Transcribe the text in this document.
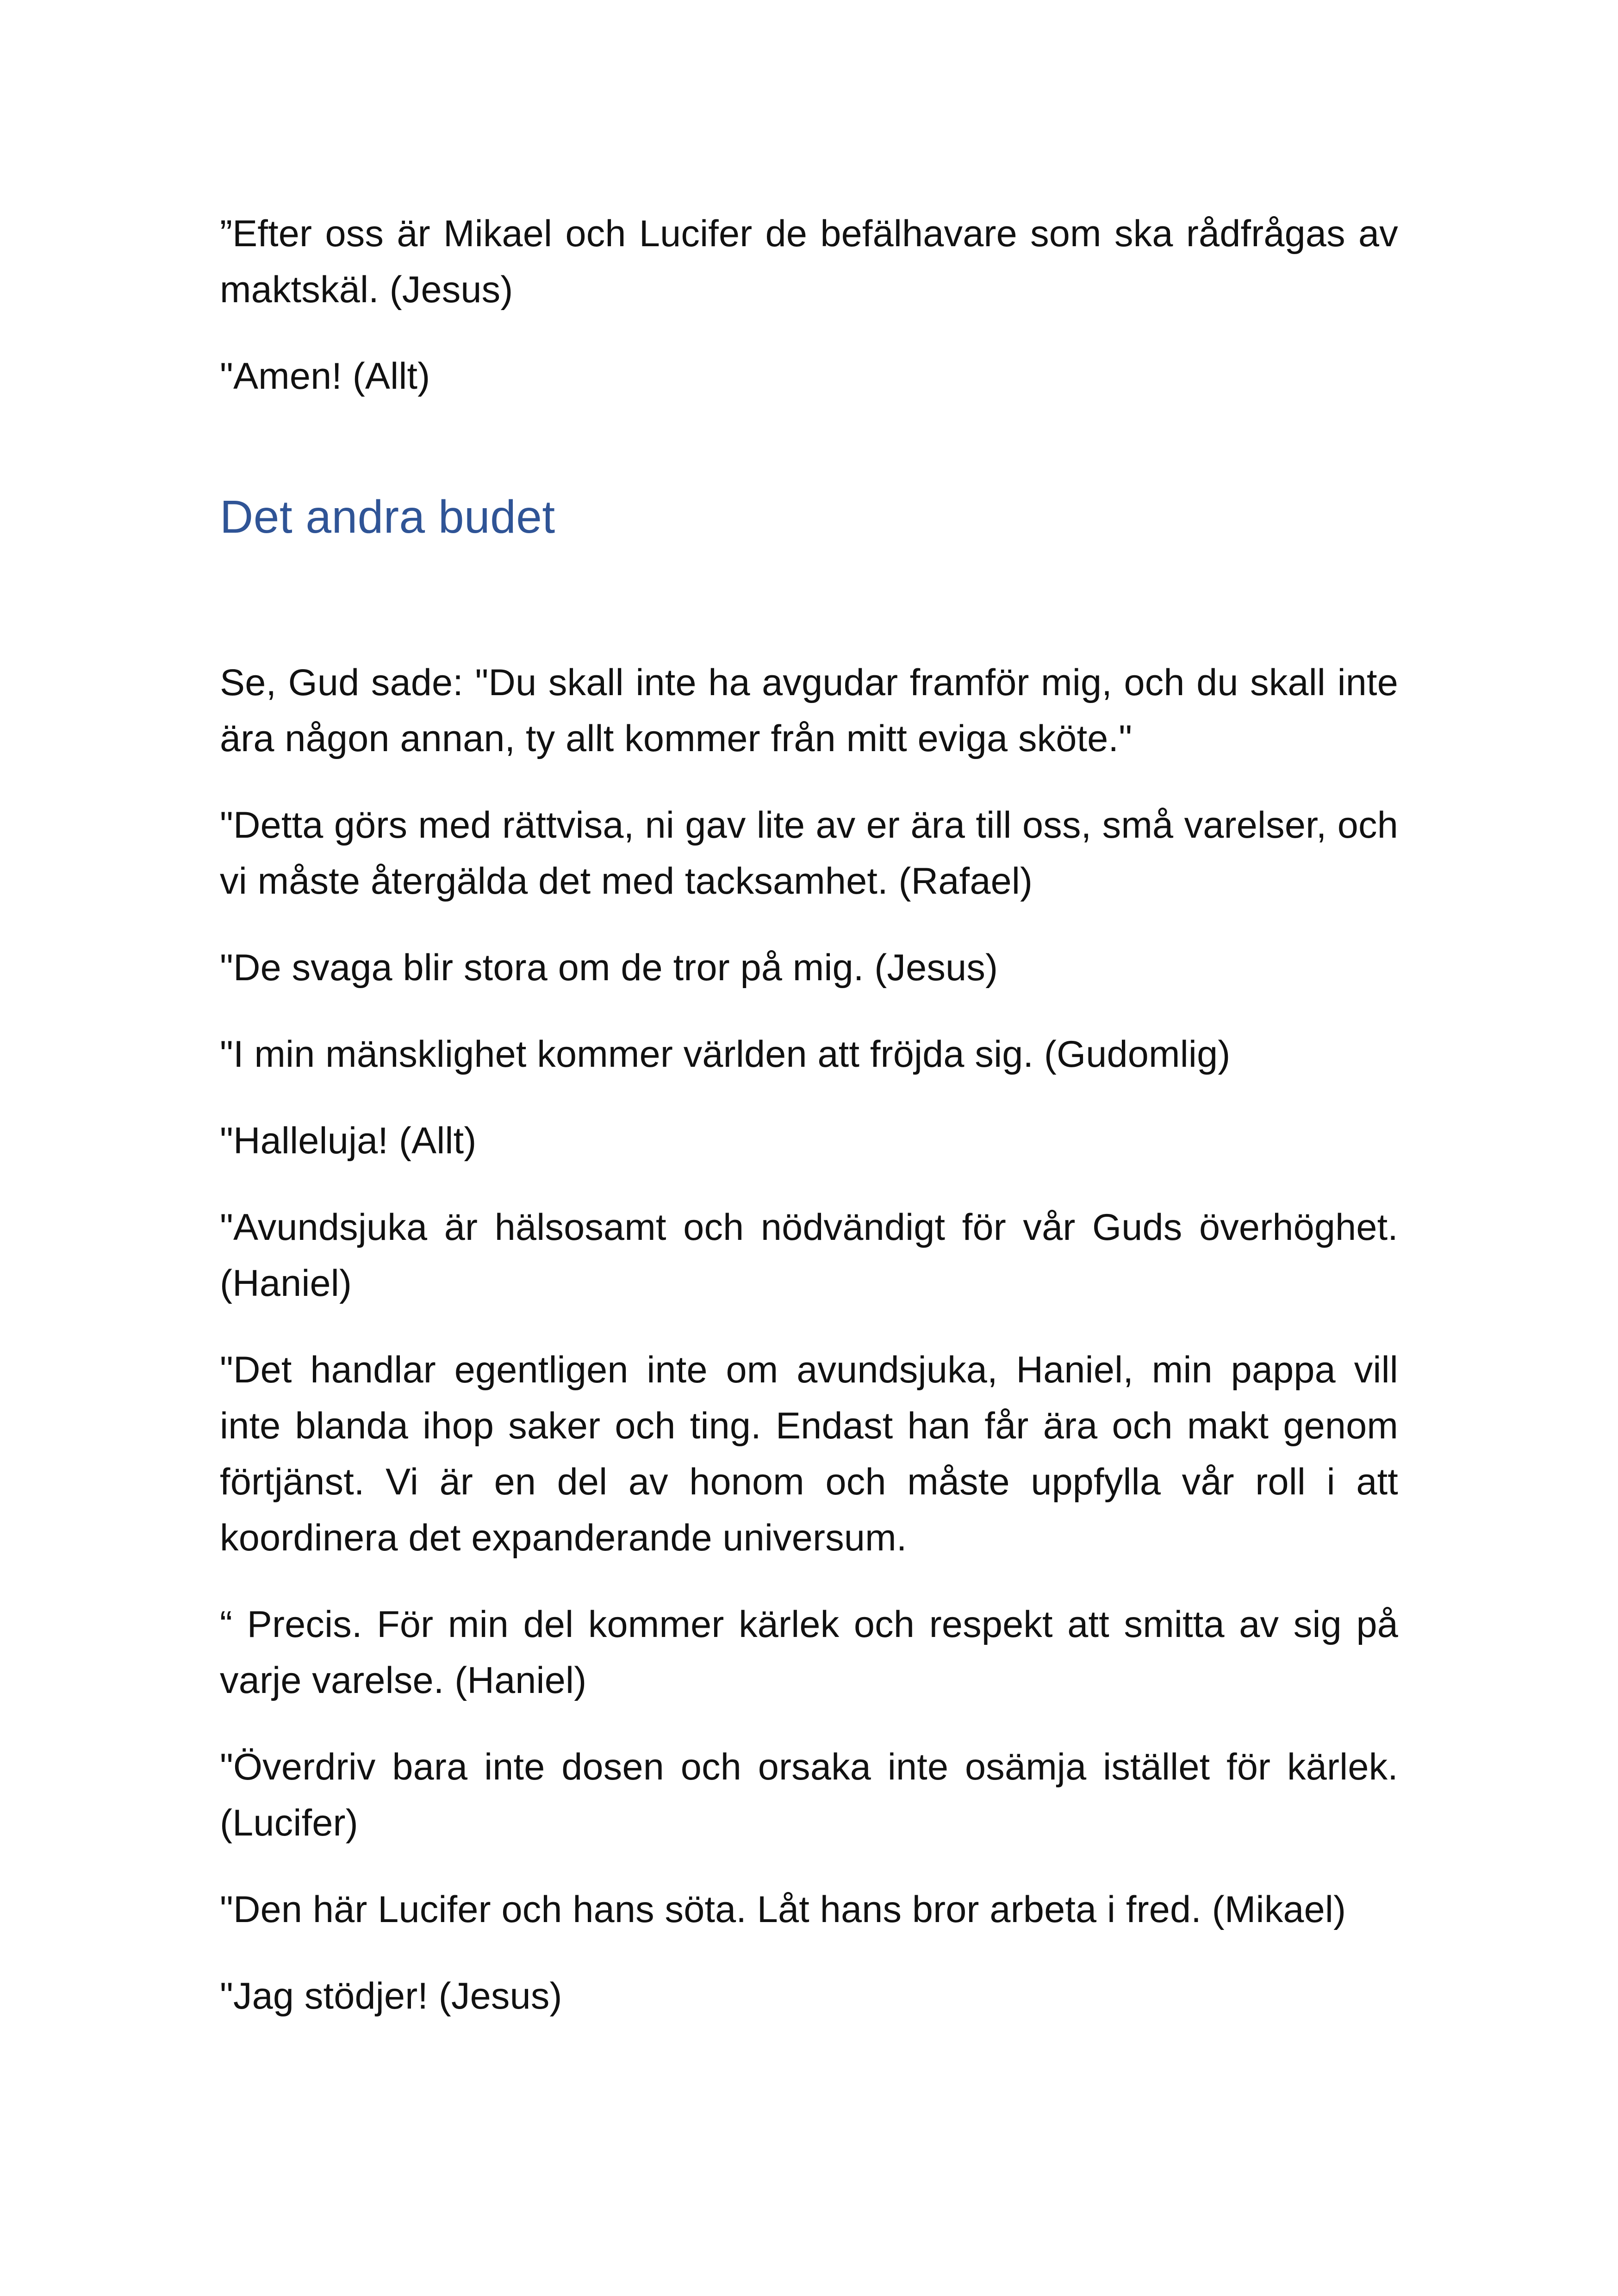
”Efter oss är Mikael och Lucifer de befälhavare som ska rådfrågas av maktskäl. (Jesus)

"Amen! (Allt)

Det andra budet

Se, Gud sade: "Du skall inte ha avgudar framför mig, och du skall inte ära någon annan, ty allt kommer från mitt eviga sköte."

"Detta görs med rättvisa, ni gav lite av er ära till oss, små varelser, och vi måste återgälda det med tacksamhet. (Rafael)

"De svaga blir stora om de tror på mig. (Jesus)

"I min mänsklighet kommer världen att fröjda sig. (Gudomlig)

"Halleluja! (Allt)

"Avundsjuka är hälsosamt och nödvändigt för vår Guds överhöghet. (Haniel)

"Det handlar egentligen inte om avundsjuka, Haniel, min pappa vill inte blanda ihop saker och ting. Endast han får ära och makt genom förtjänst. Vi är en del av honom och måste uppfylla vår roll i att koordinera det expanderande universum.

“ Precis. För min del kommer kärlek och respekt att smitta av sig på varje varelse. (Haniel)

"Överdriv bara inte dosen och orsaka inte osämja istället för kärlek. (Lucifer)

"Den här Lucifer och hans söta. Låt hans bror arbeta i fred. (Mikael)

"Jag stödjer! (Jesus)
